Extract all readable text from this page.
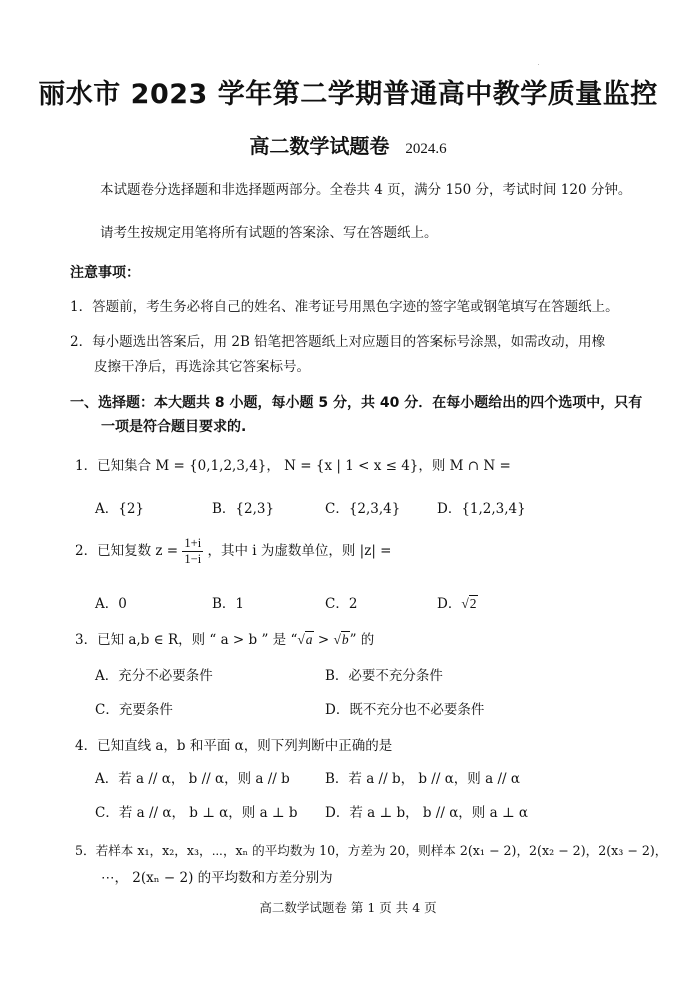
丽水市 2023 学年第二学期普通高中教学质量监控
高二数学试题卷 2024.6
本试题卷分选择题和非选择题两部分。全卷共 4 页，满分 150 分，考试时间 120 分钟。
请考生按规定用笔将所有试题的答案涂、写在答题纸上。
注意事项：
1．答题前，考生务必将自己的姓名、准考证号用黑色字迹的签字笔或钢笔填写在答题纸上。
2．每小题选出答案后，用 2B 铅笔把答题纸上对应题目的答案标号涂黑，如需改动，用橡
皮擦干净后，再选涂其它答案标号。
一、选择题：本大题共 8 小题，每小题 5 分，共 40 分．在每小题给出的四个选项中，只有
一项是符合题目要求的.
1．已知集合 M = {0,1,2,3,4}， N = {x | 1 < x ≤ 4}，则 M ∩ N =
A．{2}	B．{2,3}	C．{2,3,4}	D．{1,2,3,4}
2．已知复数 $z = \frac{1+i}{1-i}$ ，其中 i 为虚数单位，则 |z| =
A．0	B．1	C．2	D．√2
3．已知 a,b ∈ R，则 “ a > b ” 是 “√a > √b” 的
A．充分不必要条件	B．必要不充分条件
C．充要条件	D．既不充分也不必要条件
4．已知直线 a，b 和平面 α，则下列判断中正确的是
A．若 a // α， b // α，则 a // b	B．若 a // b， b // α，则 a // α
C．若 a // α， b ⊥ α，则 a ⊥ b D．若 a ⊥ b， b // α，则 a ⊥ α
5．若样本 x₁，x₂，x₃，⋯，xₙ 的平均数为 10，方差为 20，则样本 2(x₁ − 2)，2(x₂ − 2)，2(x₃ − 2)，
⋯， 2(xₙ − 2) 的平均数和方差分别为
高二数学试题卷 第 1 页 共 4 页
